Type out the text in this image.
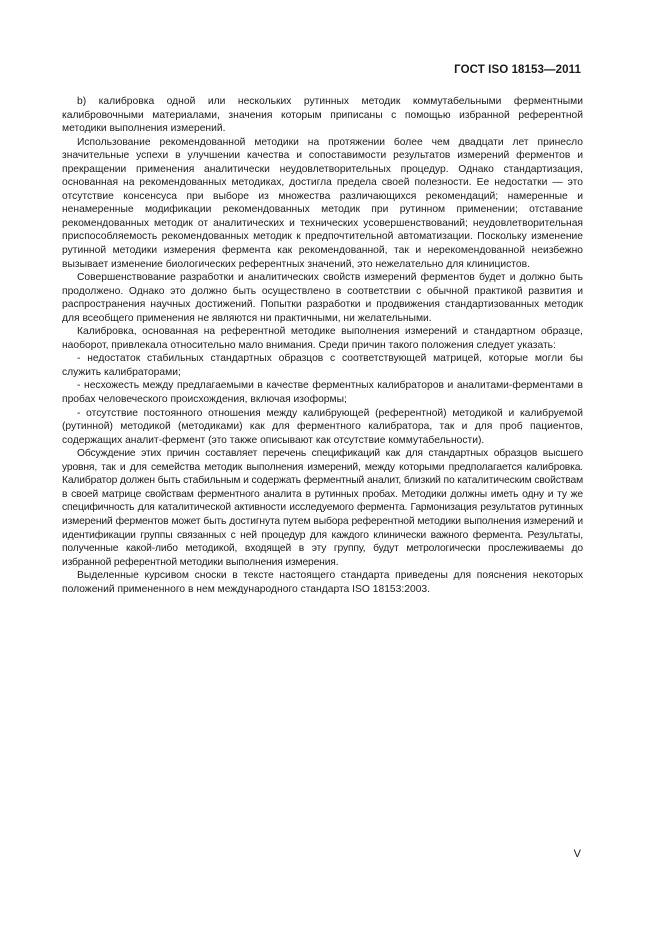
ГОСТ ISO 18153—2011

b) калибровка одной или нескольких рутинных методик коммутабельными ферментными калибровочными материалами, значения которым приписаны с помощью избранной референтной методики выполнения измерений.

Использование рекомендованной методики на протяжении более чем двадцати лет принесло значительные успехи в улучшении качества и сопоставимости результатов измерений ферментов и прекращении применения аналитически неудовлетворительных процедур. Однако стандартизация, основанная на рекомендованных методиках, достигла предела своей полезности. Ее недостатки — это отсутствие консенсуса при выборе из множества различающихся рекомендаций; намеренные и ненамеренные модификации рекомендованных методик при рутинном применении; отставание рекомендованных методик от аналитических и технических усовершенствований; неудовлетворительная приспособляемость рекомендованных методик к предпочтительной автоматизации. Поскольку изменение рутинной методики измерения фермента как рекомендованной, так и нерекомендованной неизбежно вызывает изменение биологических референтных значений, это нежелательно для клиницистов.

Совершенствование разработки и аналитических свойств измерений ферментов будет и должно быть продолжено. Однако это должно быть осуществлено в соответствии с обычной практикой развития и распространения научных достижений. Попытки разработки и продвижения стандартизованных методик для всеобщего применения не являются ни практичными, ни желательными.

Калибровка, основанная на референтной методике выполнения измерений и стандартном образце, наоборот, привлекала относительно мало внимания. Среди причин такого положения следует указать:

- недостаток стабильных стандартных образцов с соответствующей матрицей, которые могли бы служить калибраторами;

- несхожесть между предлагаемыми в качестве ферментных калибраторов и аналитами-ферментами в пробах человеческого происхождения, включая изоформы;

- отсутствие постоянного отношения между калибрующей (референтной) методикой и калибруемой (рутинной) методикой (методиками) как для ферментного калибратора, так и для проб пациентов, содержащих аналит-фермент (это также описывают как отсутствие коммутабельности).

Обсуждение этих причин составляет перечень спецификаций как для стандартных образцов высшего уровня, так и для семейства методик выполнения измерений, между которыми предполагается калибровка. Калибратор должен быть стабильным и содержать ферментный аналит, близкий по каталитическим свойствам в своей матрице свойствам ферментного аналита в рутинных пробах. Методики должны иметь одну и ту же специфичность для каталитической активности исследуемого фермента. Гармонизация результатов рутинных измерений ферментов может быть достигнута путем выбора референтной методики выполнения измерений и идентификации группы связанных с ней процедур для каждого клинически важного фермента. Результаты, полученные какой-либо методикой, входящей в эту группу, будут метрологически прослеживаемы до избранной референтной методики выполнения измерения.

Выделенные курсивом сноски в тексте настоящего стандарта приведены для пояснения некоторых положений примененного в нем международного стандарта ISO 18153:2003.

V
